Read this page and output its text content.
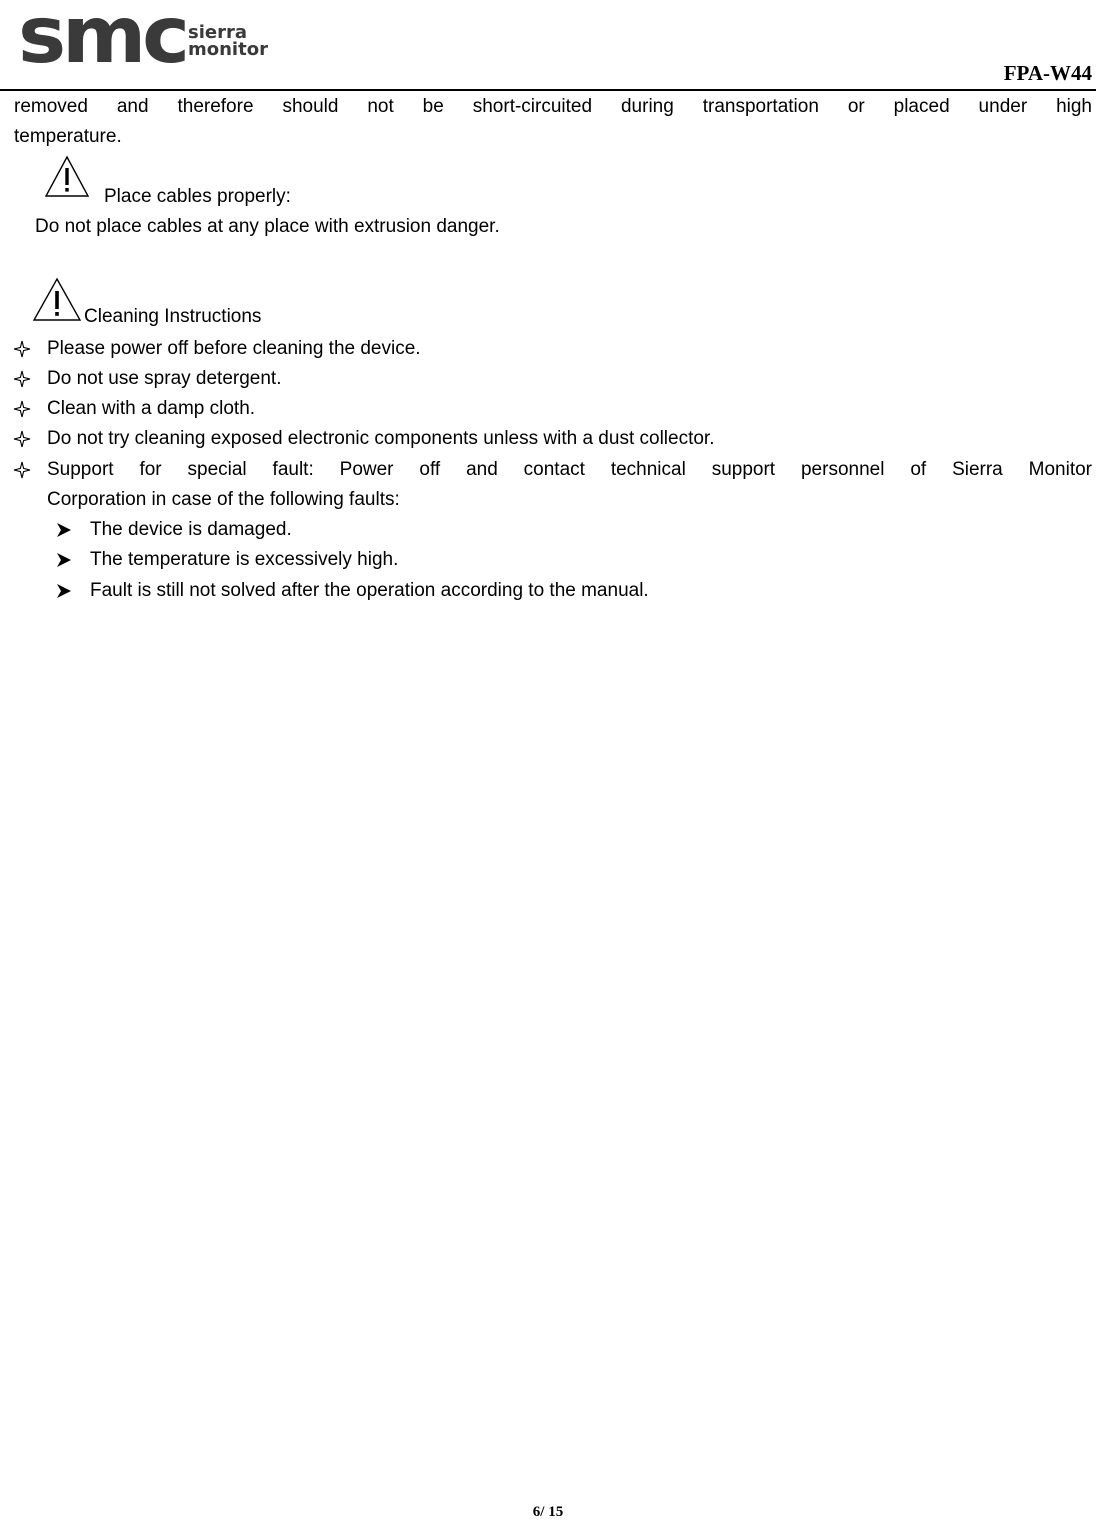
smc sierra
monitor
FPA-W44
removed and therefore should not be short-circuited during transportation or placed under high
temperature.
Place cables properly:
Do not place cables at any place with extrusion danger.
Cleaning Instructions
Please power off before cleaning the device.
Do not use spray detergent.
Clean with a damp cloth.
Do not try cleaning exposed electronic components unless with a dust collector.
Support for special fault: Power off and contact technical support personnel of Sierra Monitor
Corporation in case of the following faults:
The device is damaged.
The temperature is excessively high.
Fault is still not solved after the operation according to the manual.
6/ 15
